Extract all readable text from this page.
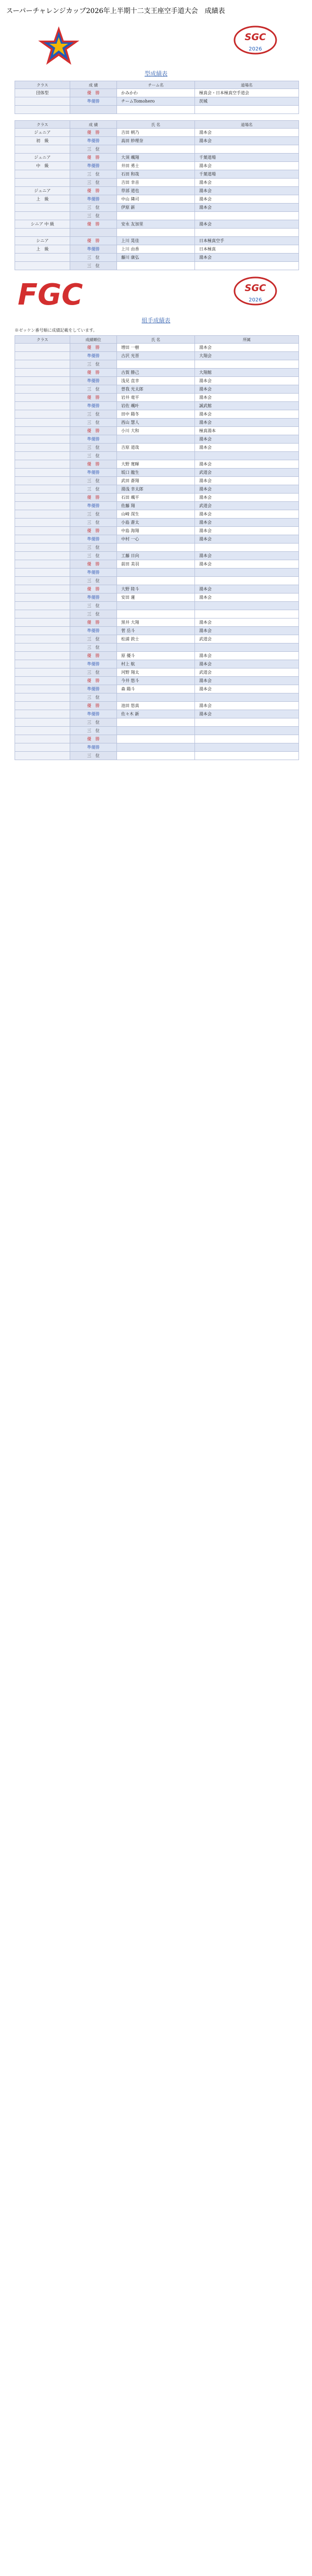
スーパーチャレンジカップ2026年上半期十二支王座空手道大会　成績表
SGC
2026
型成績表
クラス	成 績	チーム名	道場名
団体型	優　勝	かみかわ	極真会・日本極真空手道会
	準優勝	チームTomohero	茨城

クラス	成 績	氏 名	道場名
ジュニア	優　勝	吉田 朝乃	湯本会
初　級	準優勝	高田 紗理奈	湯本会
	三　位		
ジュニア	優　勝	大須 颯翔	千葉道場
中　級	準優勝	井田 勇士	湯本会
	三　位	石田 和哉	千葉道場
	三　位	吉田 幸音	湯本会
ジュニア	優　勝	草部 道也	湯本会
上　級	準優勝	中山 隣司	湯本会
	三　位	伊原 新	湯本会
	三　位		
シニア 中 級	優　勝	安永 友加里	湯本会

シニア	優　勝	上川 晃佳	日本極真空手
上　級	準優勝	上川 由香	日本極真
	三　位	藤川 康弘	湯本会
	三　位		
FGC	SGC
2026
組手成績表
※ゼッケン番号順に成績記載をしています。
クラス	成績順位	氏 名	所属
	優　勝	増田 一樹	湯本会
	準優勝	古沢 光晋	大翔会
	三　位		
	優　勝	古賀 勝己	大翔館
	準優勝	浅見 直幸	湯本会
	三　位	曽我 光太郎	湯本会
	優　勝	岩井 竜平	湯本会
	準優勝	岩佐 颯叶	誠武館
	三　位	田中 陽冬	湯本会
	三　位	西山 慧人	湯本会
	優　勝	小川 大和	極真湯本
	準優勝		湯本会
	三　位	吉原 道哉	湯本会
	三　位		
	優　勝	大野 寛暉	湯本会
	準優勝	坂口 龍生	武道会
	三　位	武田 蒼翔	湯本会
	三　位	湯浅 幸太郎	湯本会
	優　勝	石田 颯平	湯本会
	準優勝	佐藤 翔	武道会
	三　位	山崎 滉生	湯本会
	三　位	小島 蒼太	湯本会
	優　勝	中島 海翔	湯本会
	準優勝	中村 一心	湯本会
	三　位		
	三　位	工藤 日向	湯本会
	優　勝	前田 美羽	湯本会
	準優勝		
	三　位		
	優　勝	大野 陸斗	湯本会
	準優勝	安田 蓮	湯本会
	三　位		
	三　位		
	優　勝	黒井 大翔	湯本会
	準優勝	菅 岳斗	湯本会
	三　位	松浦 敦士	武道会
	三　位		
	優　勝	原 優斗	湯本会
	準優勝	村上 航	湯本会
	三　位	河野 翔太	武道会
	優　勝	今井 悠斗	湯本会
	準優勝	森 陽斗	湯本会
	三　位		
	優　勝	池田 悠真	湯本会
	準優勝	佐々木 新	湯本会
	三　位		
	三　位		
	優　勝		
	準優勝		
	三　位		
